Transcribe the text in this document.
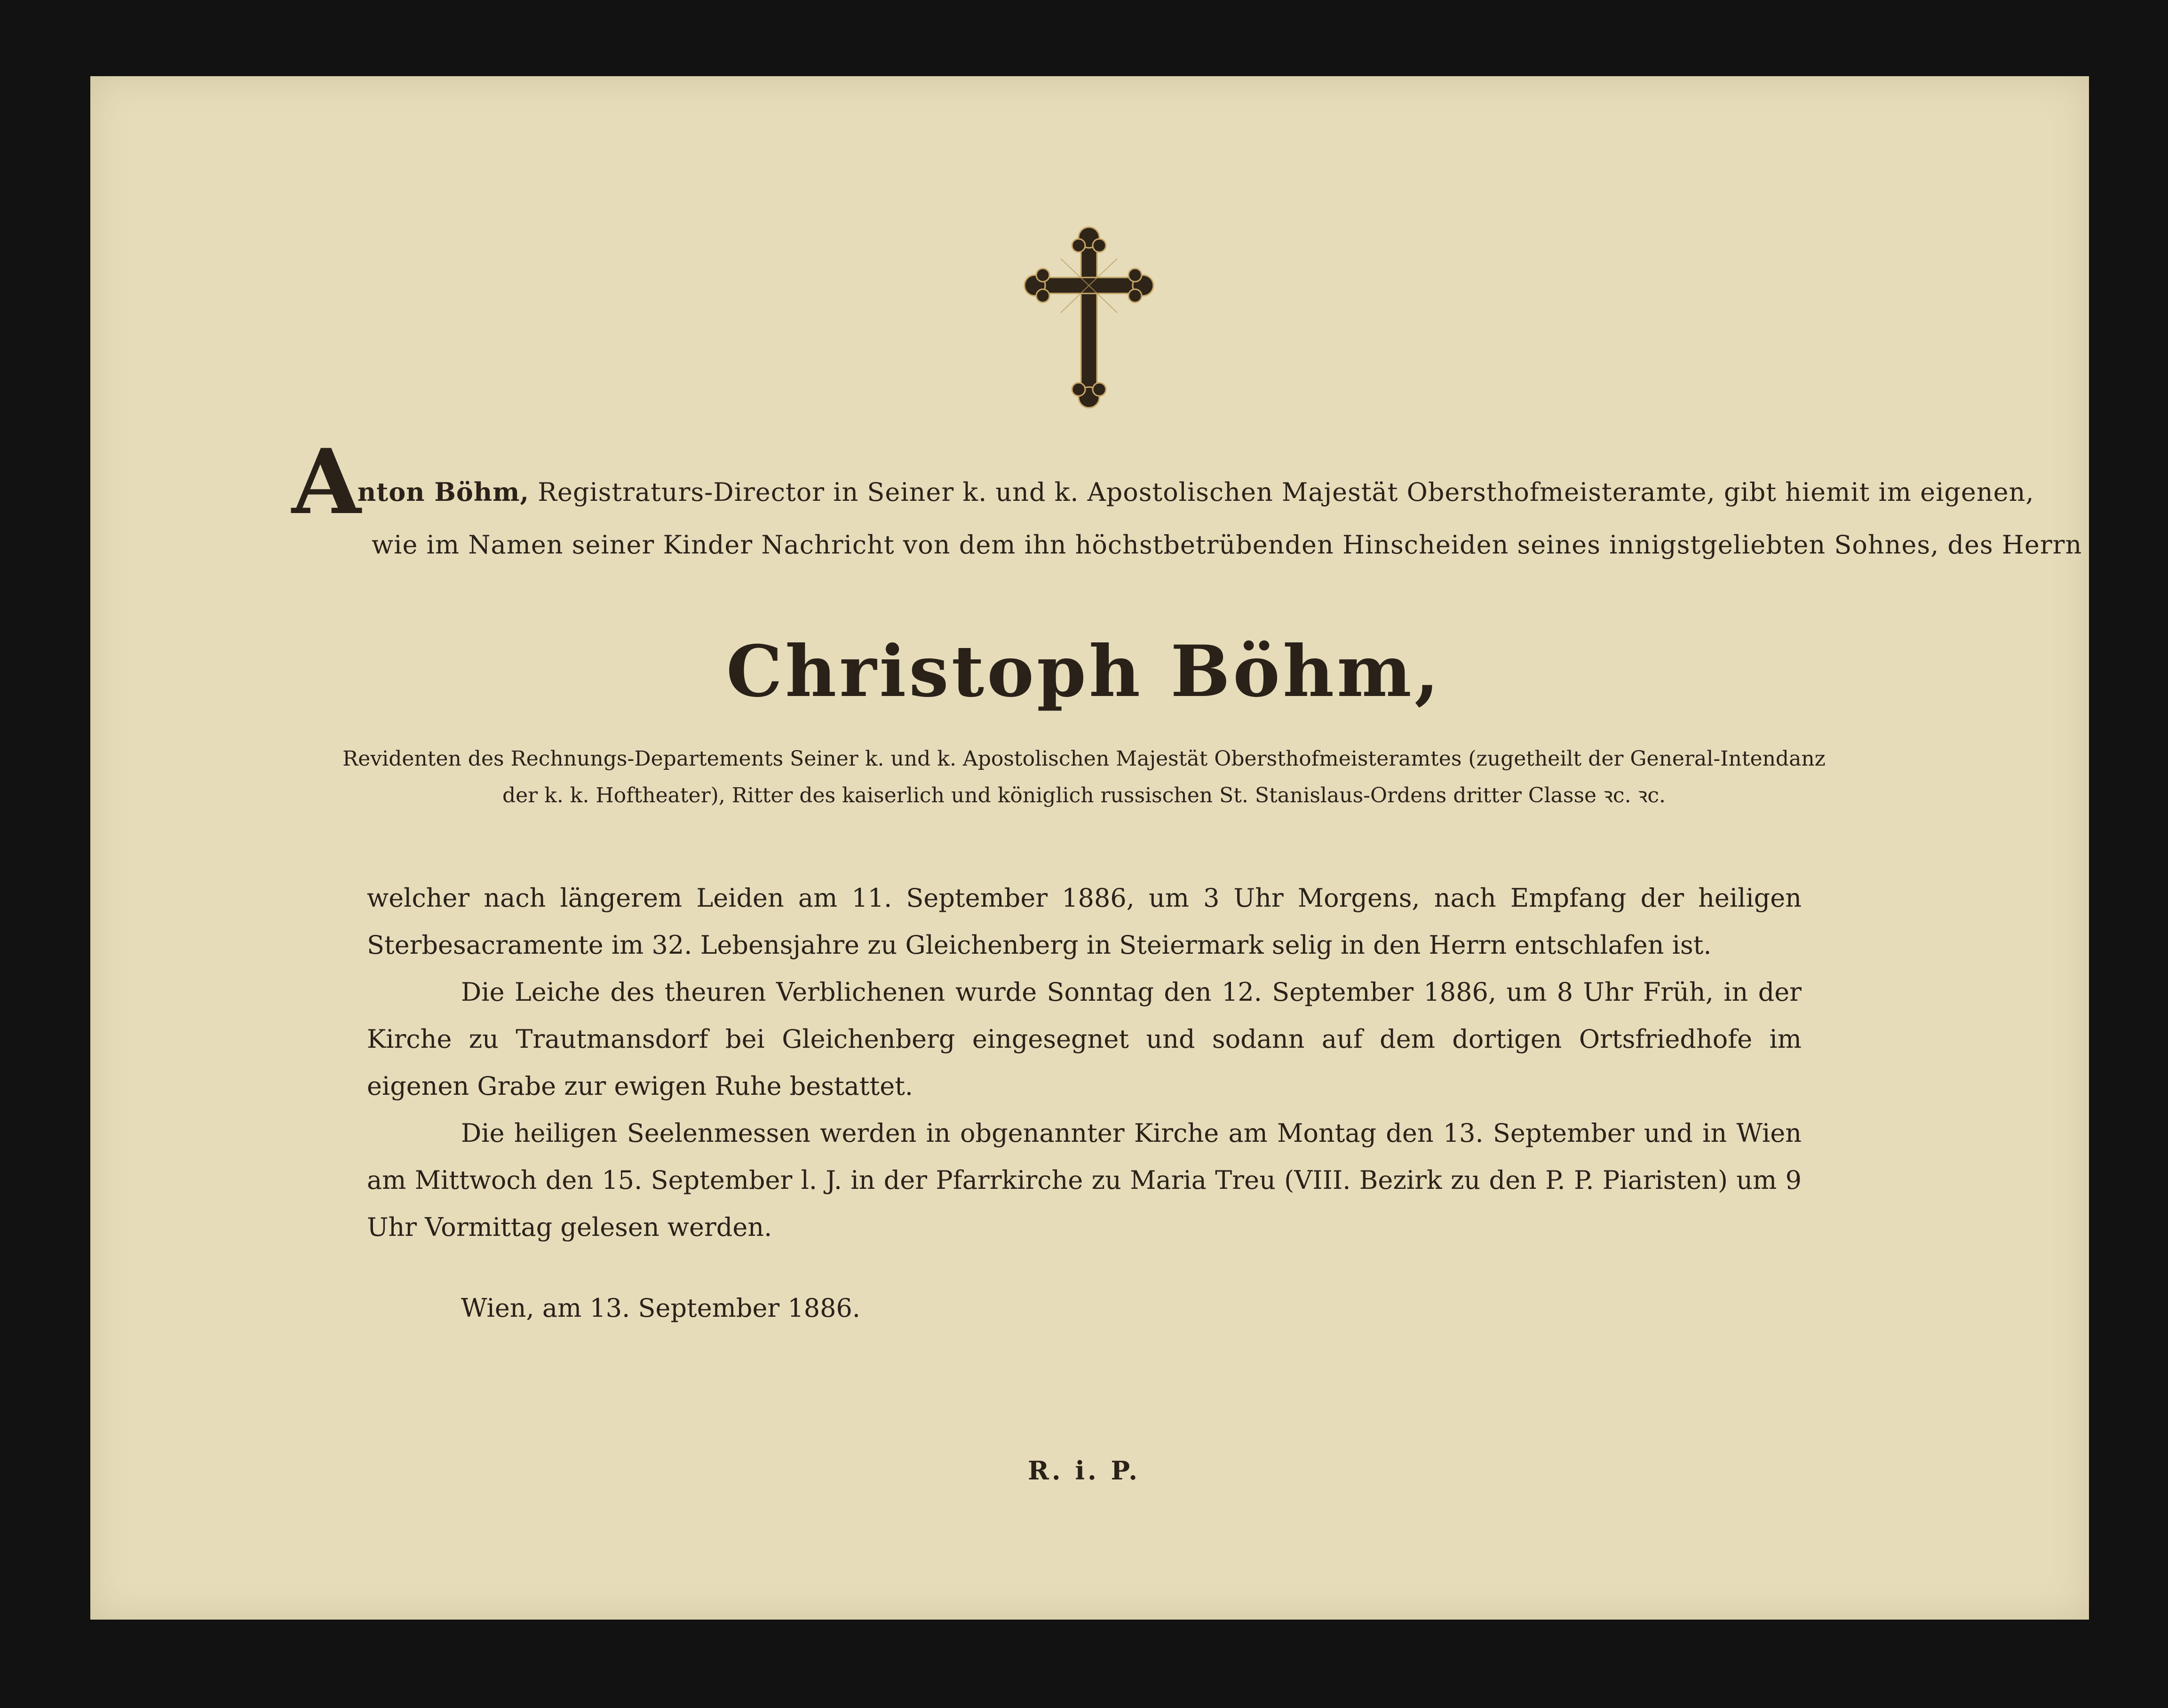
A
nton Böhm, Registraturs-Director in Seiner k. und k. Apostolischen Majestät Obersthofmeisteramte, gibt hiemit im eigenen,
wie im Namen seiner Kinder Nachricht von dem ihn höchstbetrübenden Hinscheiden seines innigstgeliebten Sohnes, des Herrn
Christoph Böhm,
Revidenten des Rechnungs-Departements Seiner k. und k. Apostolischen Majestät Obersthofmeisteramtes (zugetheilt der General-Intendanz
der k. k. Hoftheater), Ritter des kaiserlich und königlich russischen St. Stanislaus-Ordens dritter Classe ꝛc. ꝛc.

welcher nach längerem Leiden am 11. September 1886, um 3 Uhr Morgens, nach Empfang der heiligen Sterbesacramente im 32. Lebensjahre zu Gleichenberg in Steiermark selig in den Herrn entschlafen ist.

Die Leiche des theuren Verblichenen wurde Sonntag den 12. September 1886, um 8 Uhr Früh, in der Kirche zu Trautmansdorf bei Gleichenberg eingesegnet und sodann auf dem dortigen Ortsfriedhofe im eigenen Grabe zur ewigen Ruhe bestattet.

Die heiligen Seelenmessen werden in obgenannter Kirche am Montag den 13. September und in Wien am Mittwoch den 15. September l. J. in der Pfarrkirche zu Maria Treu (VIII. Bezirk zu den P. P. Piaristen) um 9 Uhr Vormittag gelesen werden.

Wien, am 13. September 1886.
R. i. P.
